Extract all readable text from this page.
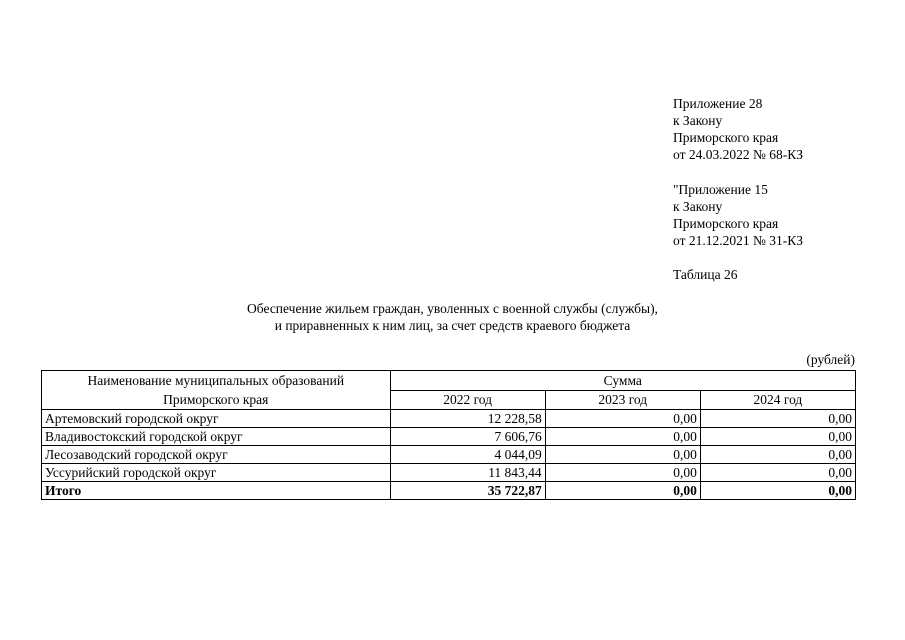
Приложение 28
к Закону
Приморского края
от 24.03.2022 № 68-КЗ
"Приложение 15
к Закону
Приморского края
от 21.12.2021 № 31-КЗ
Таблица 26
Обеспечение жильем граждан, уволенных с военной службы (службы),
и приравненных к ним лиц, за счет средств краевого бюджета
(рублей)
Наименование муниципальных образований
Приморского края	Сумма		
	2022 год	2023 год	2024 год
Артемовский городской округ	12 228,58	0,00	0,00
Владивостокский городской округ	7 606,76	0,00	0,00
Лесозаводский городской округ	4 044,09	0,00	0,00
Уссурийский городской округ	11 843,44	0,00	0,00
Итого	35 722,87	0,00	0,00
